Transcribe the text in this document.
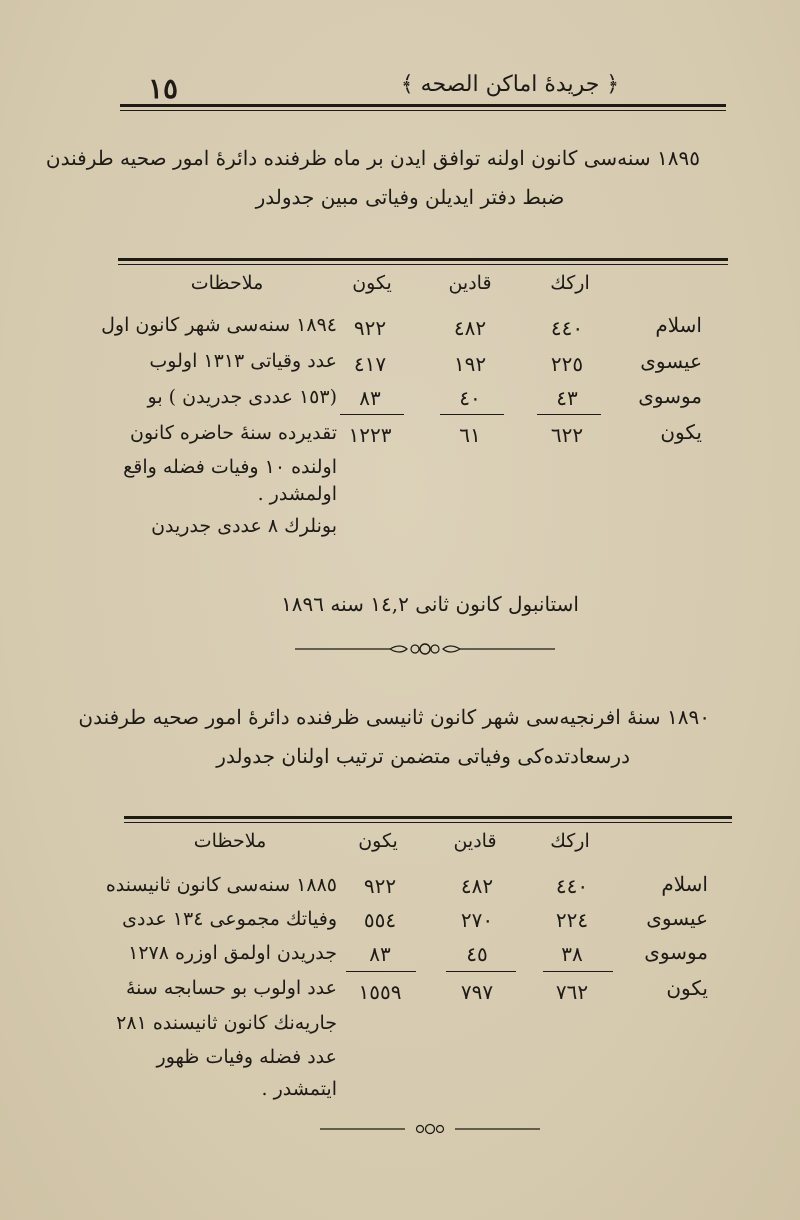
١٥	﴿ جريدهٔ اماكن الصحه ﴾
١٨٩٥ سنه‌سی كانون اولنه توافق ايدن بر ماه ظرفنده دائرهٔ امور صحيه طرفندن
ضبط دفتر ايديلن وفياتی مبين جدولدر
اركك
قادين
يكون
ملاحظات
اسلام
٤٤٠
٤٨٢
٩٢٢
عيسوی
٢٢٥
١٩٢
٤١٧
موسوی
٤٣
٤٠
٨٣
يكون
٦٢٢
٦١
١٢٢٣
١٨٩٤ سنه‌سی شهر كانون اول
عدد وقياتی ١٣١٣ اولوب
(١٥٣ عددی جدريدن ) بو
تقديرده سنهٔ حاضره كانون
اولنده ١٠ وفيات فضله واقع
اولمشدر .
بونلرك ٨ عددی جدريدن
استانبول كانون ثانی ١٤,٢ سنه ١٨٩٦
١٨٩٠ سنهٔ افرنجيه‌سی شهر كانون ثانيسی ظرفنده دائرهٔ امور صحيه طرفندن
درسعادتده‌كی وفياتی متضمن ترتيب اولنان جدولدر
اركك
قادين
يكون
ملاحظات
اسلام
٤٤٠
٤٨٢
٩٢٢
عيسوی
٢٢٤
٢٧٠
٥٥٤
موسوی
٣٨
٤٥
٨٣
يكون
٧٦٢
٧٩٧
١٥٥٩
١٨٨٥ سنه‌سی كانون ثانيسنده
وفياتك مجموعی ١٣٤ عددی
جدريدن اولمق اوزره ١٢٧٨
عدد اولوب بو حسابجه سنهٔ
جاريه‌نك كانون ثانيسنده ٢٨١
عدد فضله وفيات ظهور
ايتمشدر .
